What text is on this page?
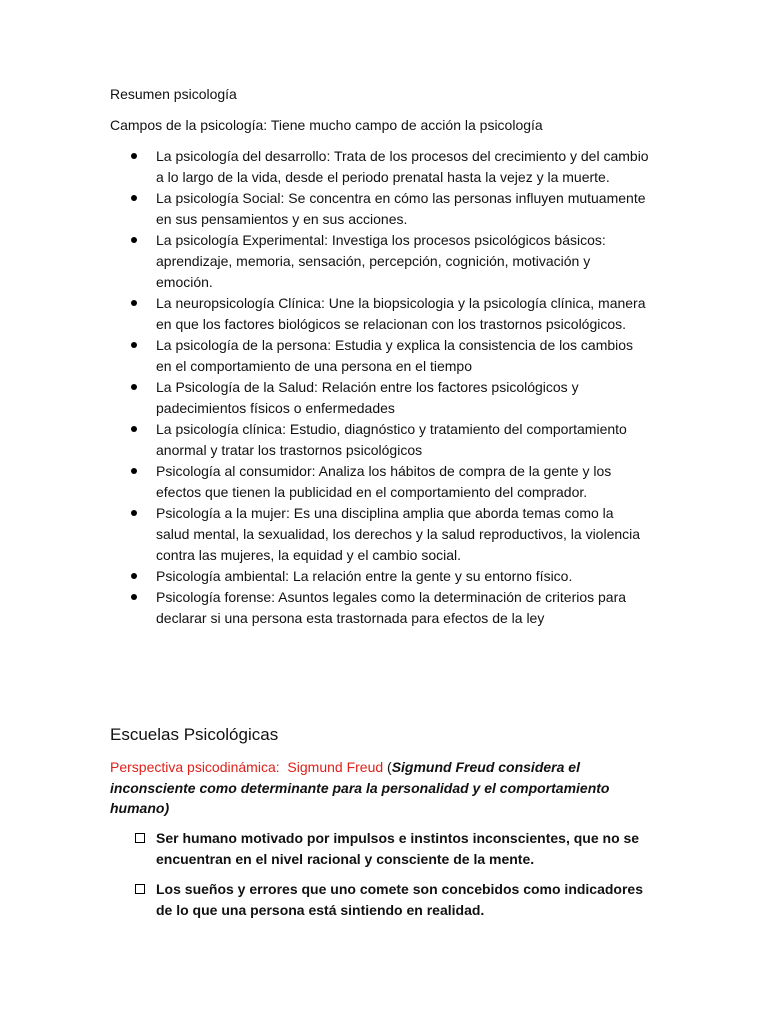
Resumen psicología

Campos de la psicología: Tiene mucho campo de acción la psicología

La psicología del desarrollo: Trata de los procesos del crecimiento y del cambio a lo largo de la vida, desde el periodo prenatal hasta la vejez y la muerte.
La psicología Social: Se concentra en cómo las personas influyen mutuamente en sus pensamientos y en sus acciones.
La psicología Experimental: Investiga los procesos psicológicos básicos: aprendizaje, memoria, sensación, percepción, cognición, motivación y emoción.
La neuropsicología Clínica: Une la biopsicologia y la psicología clínica, manera en que los factores biológicos se relacionan con los trastornos psicológicos.
La psicología de la persona: Estudia y explica la consistencia de los cambios en el comportamiento de una persona en el tiempo
La Psicología de la Salud: Relación entre los factores psicológicos y padecimientos físicos o enfermedades
La psicología clínica: Estudio, diagnóstico y tratamiento del comportamiento anormal y tratar los trastornos psicológicos
Psicología al consumidor: Analiza los hábitos de compra de la gente y los efectos que tienen la publicidad en el comportamiento del comprador.
Psicología a la mujer: Es una disciplina amplia que aborda temas como la salud mental, la sexualidad, los derechos y la salud reproductivos, la violencia contra las mujeres, la equidad y el cambio social.
Psicología ambiental: La relación entre la gente y su entorno físico.
Psicología forense: Asuntos legales como la determinación de criterios para declarar si una persona esta trastornada para efectos de la ley
Escuelas Psicológicas

Perspectiva psicodinámica: Sigmund Freud (Sigmund Freud considera el inconsciente como determinante para la personalidad y el comportamiento humano)

Ser humano motivado por impulsos e instintos inconscientes, que no se encuentran en el nivel racional y consciente de la mente.
Los sueños y errores que uno comete son concebidos como indicadores de lo que una persona está sintiendo en realidad.
